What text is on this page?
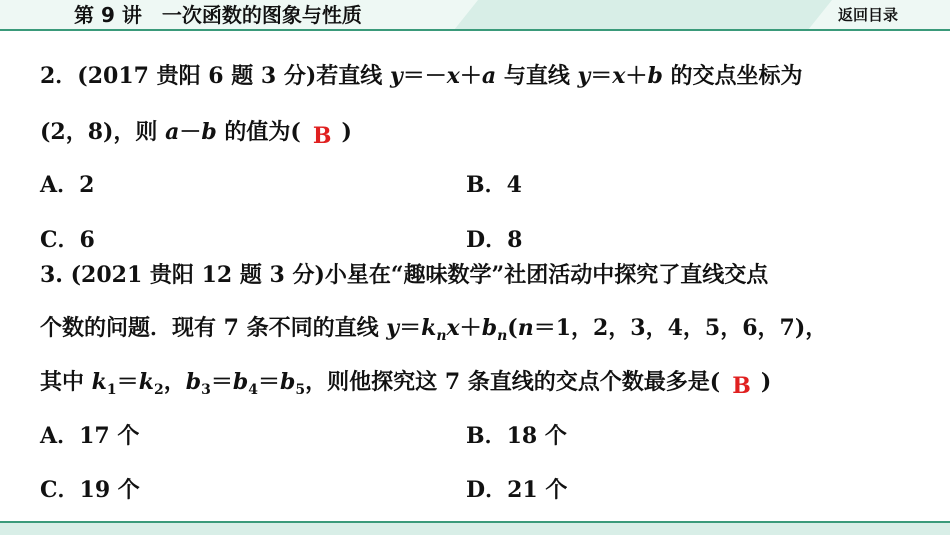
第 9 讲　一次函数的图象与性质	返回目录
2．(2017 贵阳 6 题 3 分)若直线 y＝－x＋a 与直线 y＝x＋b 的交点坐标为
(2，8)，则 a－b 的值为( B )
A．2	B．4
C．6	D．8
3. (2021 贵阳 12 题 3 分)小星在“趣味数学”社团活动中探究了直线交点
个数的问题．现有 7 条不同的直线 $y=k_nx+b_n(n=1$，2，3，4，5，6，7)，
其中 $k_1=k_2$，$b_3=b_4=b_5$，则他探究这 7 条直线的交点个数最多是( B )
A．17 个	B．18 个
C．19 个	D．21 个
